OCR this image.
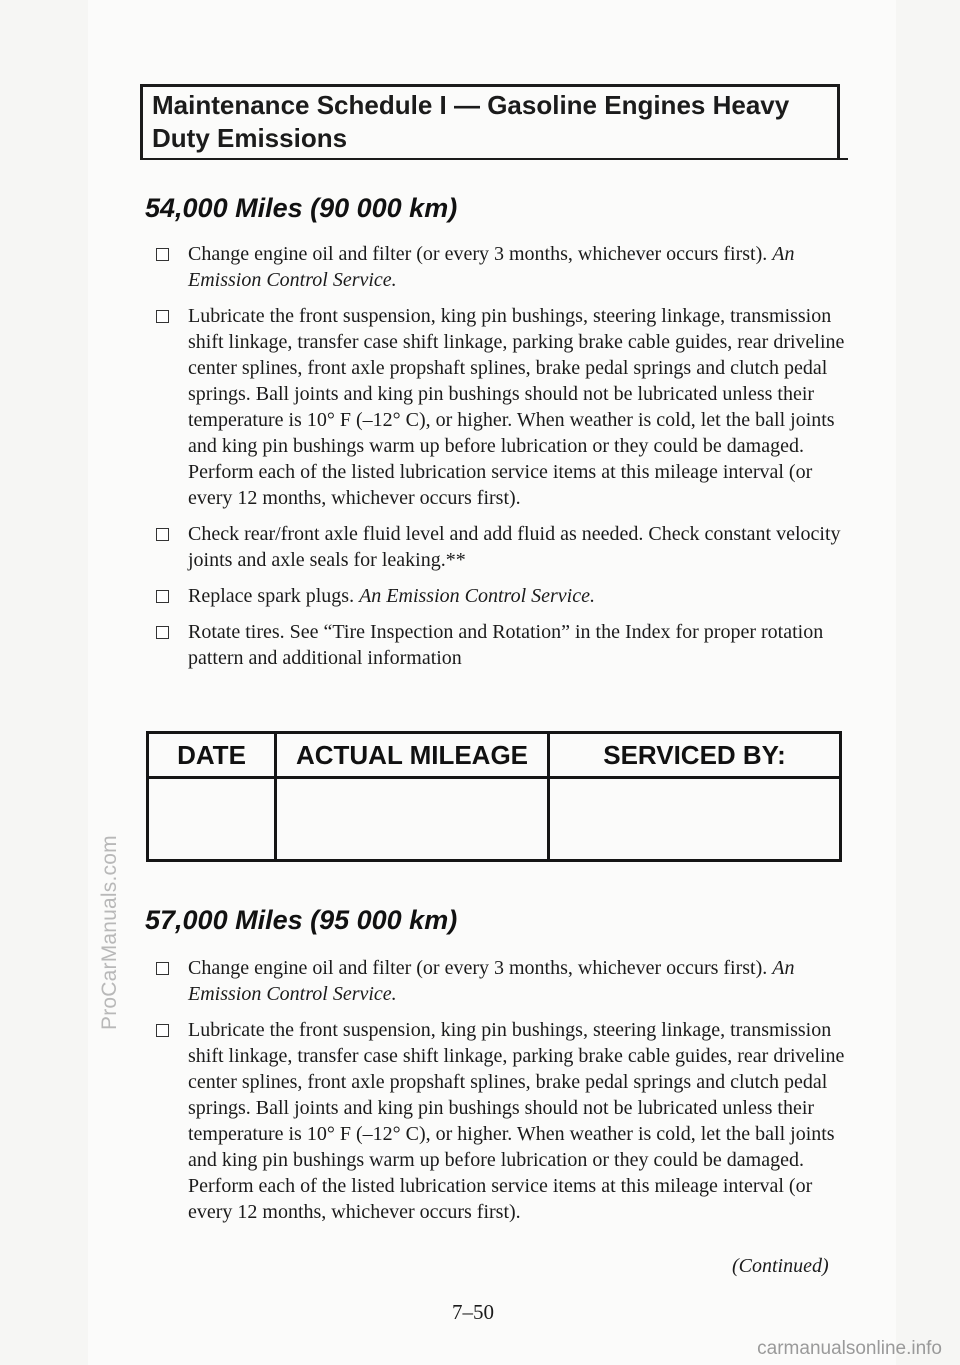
ProCarManuals.com
Maintenance Schedule I — Gasoline Engines Heavy Duty Emissions
54,000 Miles (90 000 km)
Change engine oil and filter (or every 3 months, whichever occurs first). An Emission Control Service.
Lubricate the front suspension, king pin bushings, steering linkage, transmission shift linkage, transfer case shift linkage, parking brake cable guides, rear driveline center splines, front axle propshaft splines, brake pedal springs and clutch pedal springs. Ball joints and king pin bushings should not be lubricated unless their temperature is 10° F (–12° C), or higher. When weather is cold, let the ball joints and king pin bushings warm up before lubrication or they could be damaged. Perform each of the listed lubrication service items at this mileage interval (or every 12 months, whichever occurs first).
Check rear/front axle fluid level and add fluid as needed. Check constant velocity joints and axle seals for leaking.**
Replace spark plugs. An Emission Control Service.
Rotate tires. See “Tire Inspection and Rotation” in the Index for proper rotation pattern and additional information
DATE	ACTUAL MILEAGE	SERVICED BY:
57,000 Miles (95 000 km)
Change engine oil and filter (or every 3 months, whichever occurs first). An Emission Control Service.
Lubricate the front suspension, king pin bushings, steering linkage, transmission shift linkage, transfer case shift linkage, parking brake cable guides, rear driveline center splines, front axle propshaft splines, brake pedal springs and clutch pedal springs. Ball joints and king pin bushings should not be lubricated unless their temperature is 10° F (–12° C), or higher. When weather is cold, let the ball joints and king pin bushings warm up before lubrication or they could be damaged. Perform each of the listed lubrication service items at this mileage interval (or every 12 months, whichever occurs first).
(Continued)
7–50
carmanualsonline.info
